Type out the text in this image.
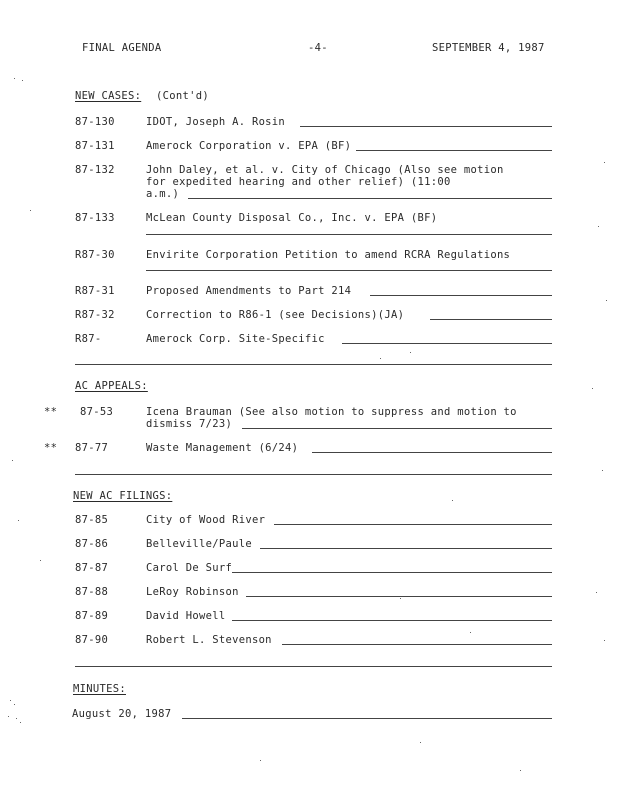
FINAL AGENDA	-4-	SEPTEMBER 4, 1987
NEW CASES: (Cont'd)
87-130	IDOT, Joseph A. Rosin
87-131	Amerock Corporation v. EPA (BF)
87-132	John Daley, et al. v. City of Chicago (Also see motion
for expedited hearing and other relief) (11:00
a.m.)
87-133	McLean County Disposal Co., Inc. v. EPA (BF)
R87-30	Envirite Corporation Petition to amend RCRA Regulations
R87-31	Proposed Amendments to Part 214
R87-32	Correction to R86-1 (see Decisions)(JA)
R87-	Amerock Corp. Site-Specific
AC APPEALS:
** 87-53	Icena Brauman (See also motion to suppress and motion to
dismiss 7/23)
** 87-77	Waste Management (6/24)
NEW AC FILINGS:
87-85	City of Wood River
87-86	Belleville/Paule
87-87	Carol De Surf
87-88	LeRoy Robinson
87-89	David Howell
87-90	Robert L. Stevenson
MINUTES:
August 20, 1987
